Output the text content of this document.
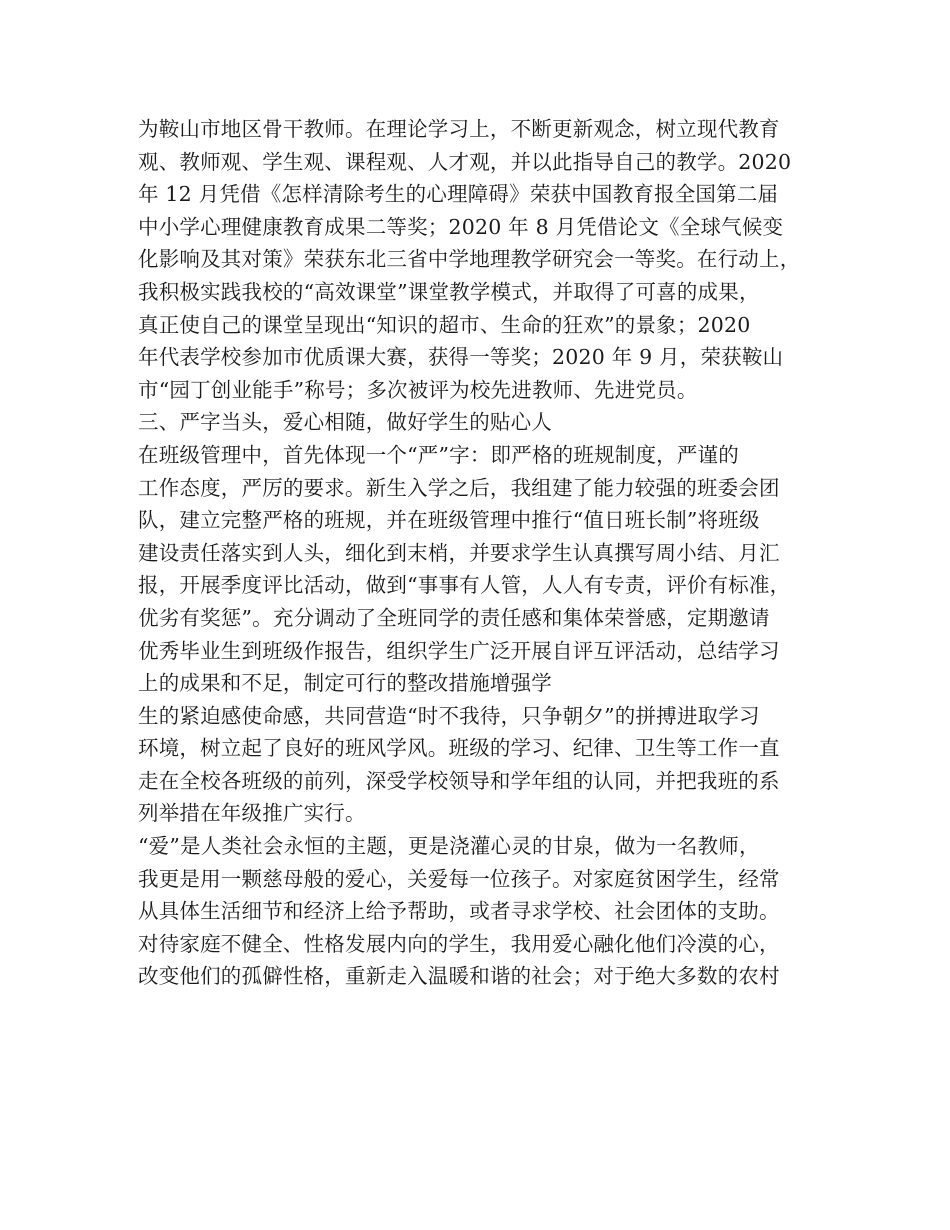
为鞍山市地区骨干教师。在理论学习上，不断更新观念，树立现代教育
观、教师观、学生观、课程观、人才观，并以此指导自己的教学。2020
年 12 月凭借《怎样清除考生的心理障碍》荣获中国教育报全国第二届
中小学心理健康教育成果二等奖；2020 年 8 月凭借论文《全球气候变
化影响及其对策》荣获东北三省中学地理教学研究会一等奖。在行动上，
我积极实践我校的“高效课堂”课堂教学模式，并取得了可喜的成果，
真正使自己的课堂呈现出“知识的超市、生命的狂欢”的景象；2020
年代表学校参加市优质课大赛，获得一等奖；2020 年 9 月，荣获鞍山
市“园丁创业能手”称号；多次被评为校先进教师、先进党员。
三、严字当头，爱心相随，做好学生的贴心人
在班级管理中，首先体现一个“严”字：即严格的班规制度，严谨的
工作态度，严厉的要求。新生入学之后，我组建了能力较强的班委会团
队，建立完整严格的班规，并在班级管理中推行“值日班长制”将班级
建设责任落实到人头，细化到末梢，并要求学生认真撰写周小结、月汇
报，开展季度评比活动，做到“事事有人管，人人有专责，评价有标准，
优劣有奖惩”。充分调动了全班同学的责任感和集体荣誉感，定期邀请
优秀毕业生到班级作报告，组织学生广泛开展自评互评活动，总结学习
上的成果和不足，制定可行的整改措施增强学
生的紧迫感使命感，共同营造“时不我待，只争朝夕”的拼搏进取学习
环境，树立起了良好的班风学风。班级的学习、纪律、卫生等工作一直
走在全校各班级的前列，深受学校领导和学年组的认同，并把我班的系
列举措在年级推广实行。
“爱”是人类社会永恒的主题，更是浇灌心灵的甘泉，做为一名教师，
我更是用一颗慈母般的爱心，关爱每一位孩子。对家庭贫困学生，经常
从具体生活细节和经济上给予帮助，或者寻求学校、社会团体的支助。
对待家庭不健全、性格发展内向的学生，我用爱心融化他们冷漠的心，
改变他们的孤僻性格，重新走入温暖和谐的社会；对于绝大多数的农村
